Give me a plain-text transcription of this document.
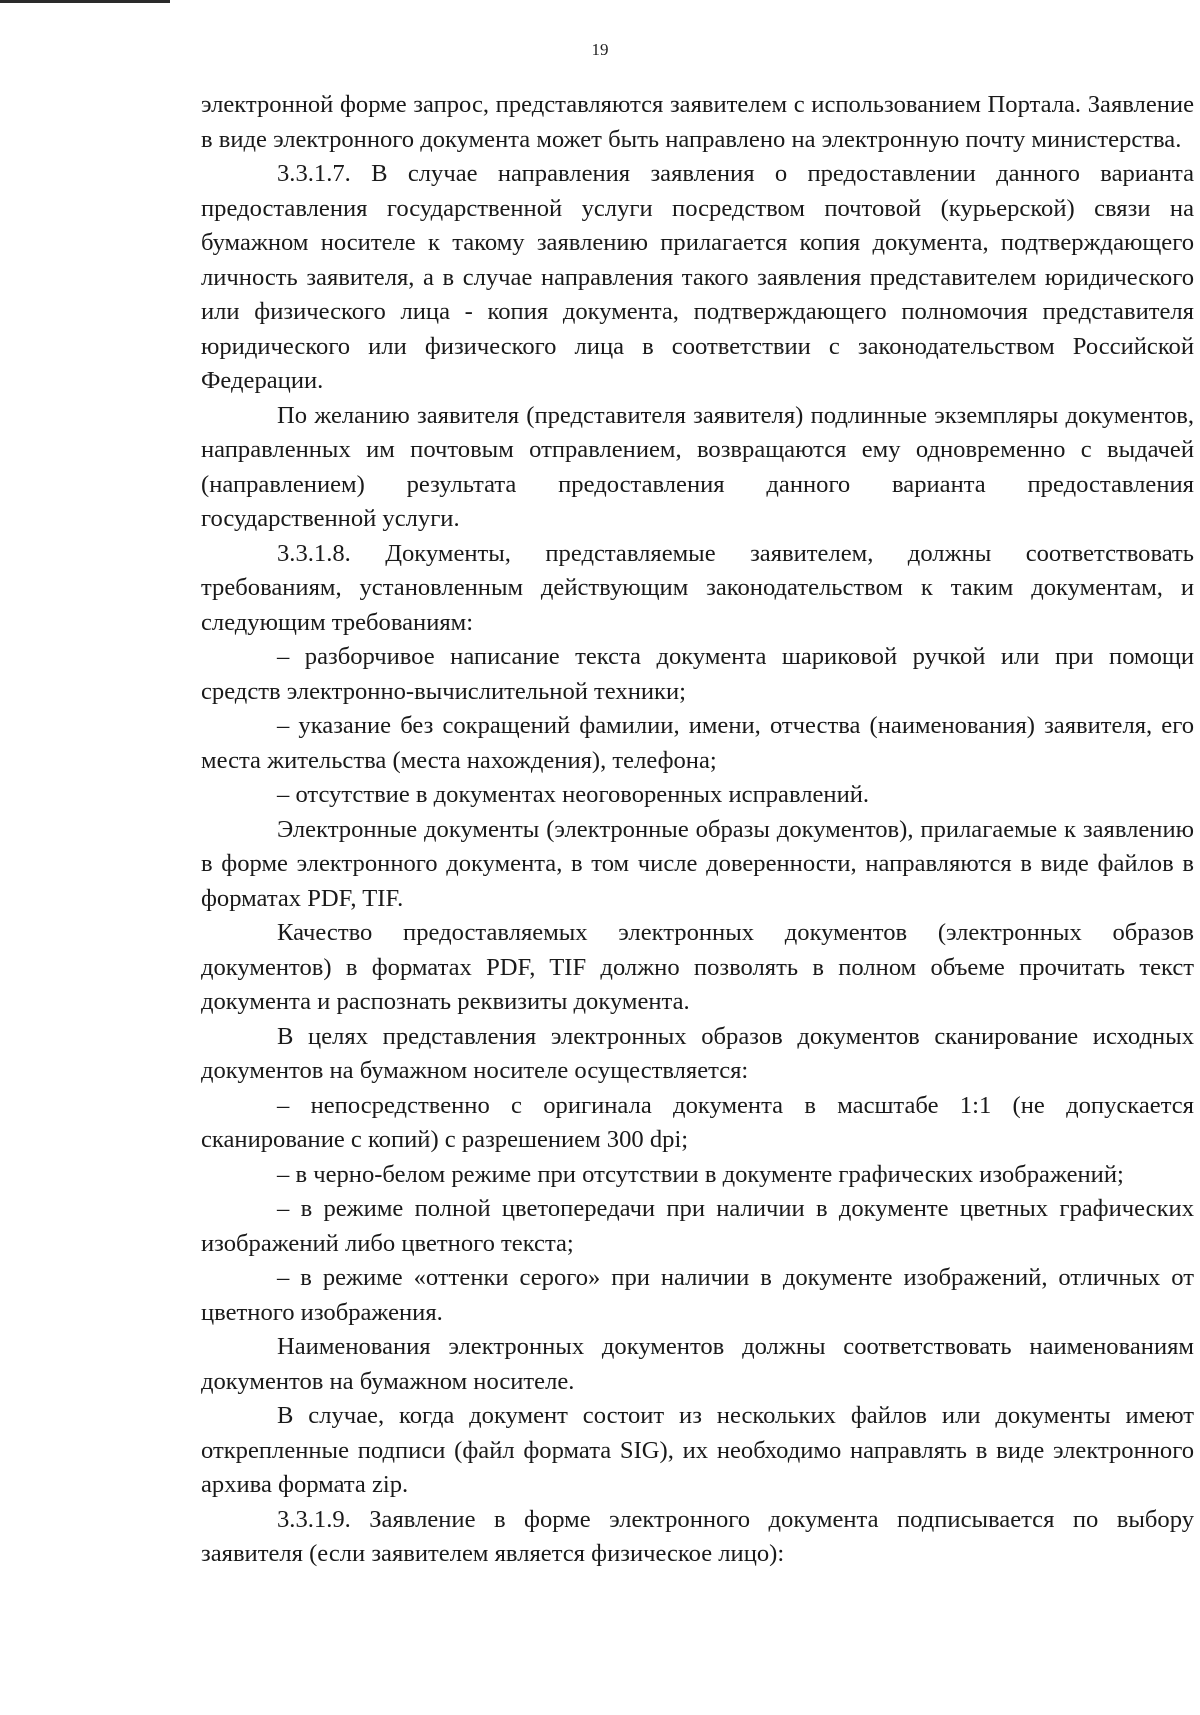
19

электронной форме запрос, представляются заявителем с использованием Портала. Заявление в виде электронного документа может быть направлено на электронную почту министерства.

3.3.1.7. В случае направления заявления о предоставлении данного варианта предоставления государственной услуги посредством почтовой (курьерской) связи на бумажном носителе к такому заявлению прилагается копия документа, подтверждающего личность заявителя, а в случае направления такого заявления представителем юридического или физического лица - копия документа, подтверждающего полномочия представителя юридического или физического лица в соответствии с законодательством Российской Федерации.

По желанию заявителя (представителя заявителя) подлинные экземпляры документов, направленных им почтовым отправлением, возвращаются ему одновременно с выдачей (направлением) результата предоставления данного варианта предоставления государственной услуги.

3.3.1.8. Документы, представляемые заявителем, должны соответствовать требованиям, установленным действующим законодательством к таким документам, и следующим требованиям:

– разборчивое написание текста документа шариковой ручкой или при помощи средств электронно-вычислительной техники;

– указание без сокращений фамилии, имени, отчества (наименования) заявителя, его места жительства (места нахождения), телефона;

– отсутствие в документах неоговоренных исправлений.

Электронные документы (электронные образы документов), прилагаемые к заявлению в форме электронного документа, в том числе доверенности, направляются в виде файлов в форматах PDF, TIF.

Качество предоставляемых электронных документов (электронных образов документов) в форматах PDF, TIF должно позволять в полном объеме прочитать текст документа и распознать реквизиты документа.

В целях представления электронных образов документов сканирование исходных документов на бумажном носителе осуществляется:

– непосредственно с оригинала документа в масштабе 1:1 (не допускается сканирование с копий) с разрешением 300 dpi;

– в черно-белом режиме при отсутствии в документе графических изображений;

– в режиме полной цветопередачи при наличии в документе цветных графических изображений либо цветного текста;

– в режиме «оттенки серого» при наличии в документе изображений, отличных от цветного изображения.

Наименования электронных документов должны соответствовать наименованиям документов на бумажном носителе.

В случае, когда документ состоит из нескольких файлов или документы имеют открепленные подписи (файл формата SIG), их необходимо направлять в виде электронного архива формата zip.

3.3.1.9. Заявление в форме электронного документа подписывается по выбору заявителя (если заявителем является физическое лицо):
